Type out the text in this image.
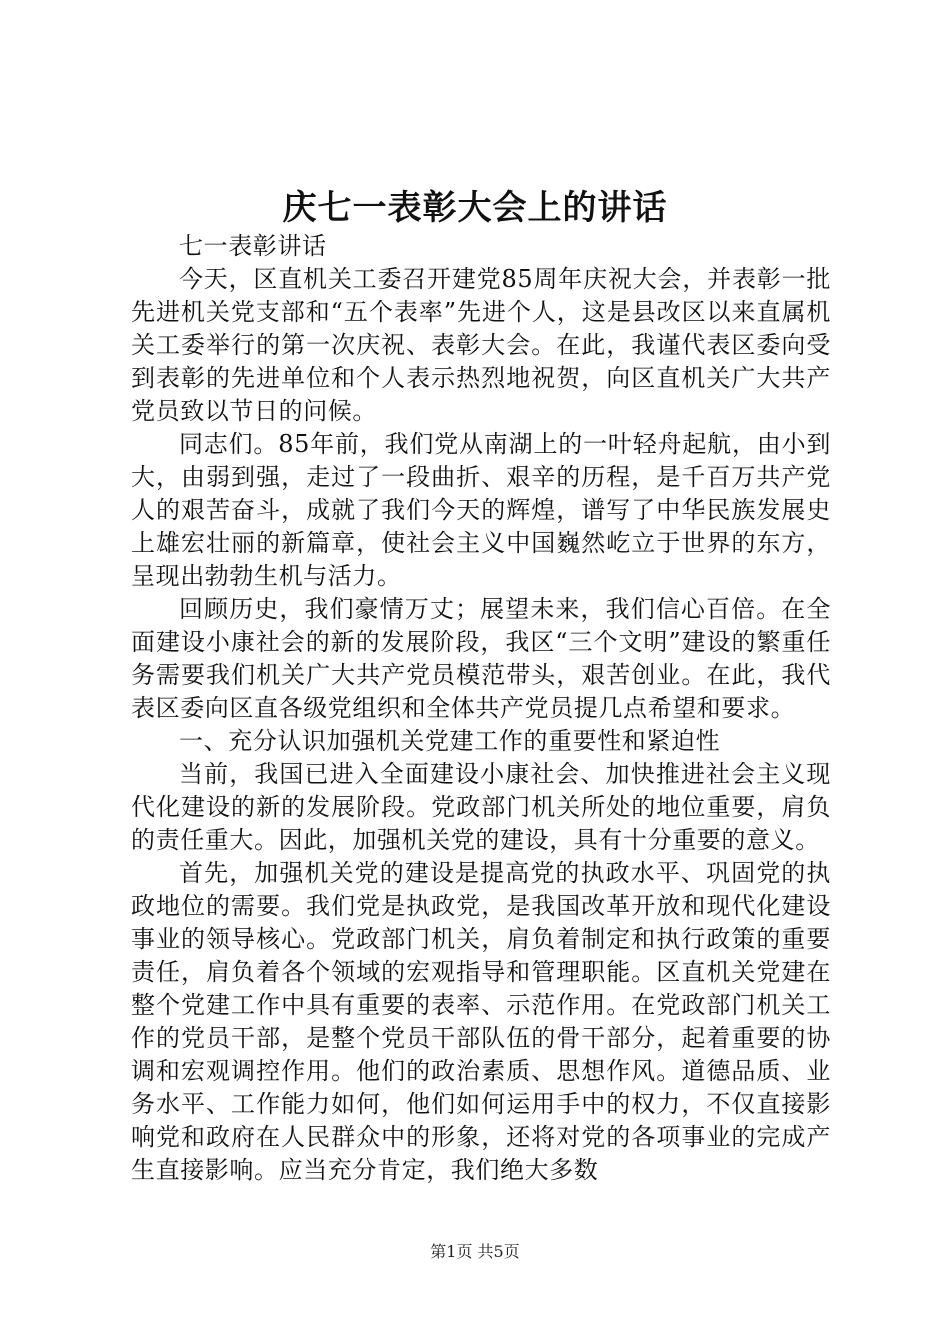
庆七一表彰大会上的讲话

七一表彰讲话

今天，区直机关工委召开建党85周年庆祝大会，并表彰一批先进机关党支部和“五个表率”先进个人，这是县改区以来直属机关工委举行的第一次庆祝、表彰大会。在此，我谨代表区委向受到表彰的先进单位和个人表示热烈地祝贺，向区直机关广大共产党员致以节日的问候。

同志们。85年前，我们党从南湖上的一叶轻舟起航，由小到大，由弱到强，走过了一段曲折、艰辛的历程，是千百万共产党人的艰苦奋斗，成就了我们今天的辉煌，谱写了中华民族发展史上雄宏壮丽的新篇章，使社会主义中国巍然屹立于世界的东方，呈现出勃勃生机与活力。

回顾历史，我们豪情万丈；展望未来，我们信心百倍。在全面建设小康社会的新的发展阶段，我区“三个文明”建设的繁重任务需要我们机关广大共产党员模范带头，艰苦创业。在此，我代表区委向区直各级党组织和全体共产党员提几点希望和要求。

一、充分认识加强机关党建工作的重要性和紧迫性

当前，我国已进入全面建设小康社会、加快推进社会主义现代化建设的新的发展阶段。党政部门机关所处的地位重要，肩负的责任重大。因此，加强机关党的建设，具有十分重要的意义。

首先，加强机关党的建设是提高党的执政水平、巩固党的执政地位的需要。我们党是执政党，是我国改革开放和现代化建设事业的领导核心。党政部门机关，肩负着制定和执行政策的重要责任，肩负着各个领域的宏观指导和管理职能。区直机关党建在整个党建工作中具有重要的表率、示范作用。在党政部门机关工作的党员干部，是整个党员干部队伍的骨干部分，起着重要的协调和宏观调控作用。他们的政治素质、思想作风。道德品质、业务水平、工作能力如何，他们如何运用手中的权力，不仅直接影响党和政府在人民群众中的形象，还将对党的各项事业的完成产生直接影响。应当充分肯定，我们绝大多数

第1页 共5页
